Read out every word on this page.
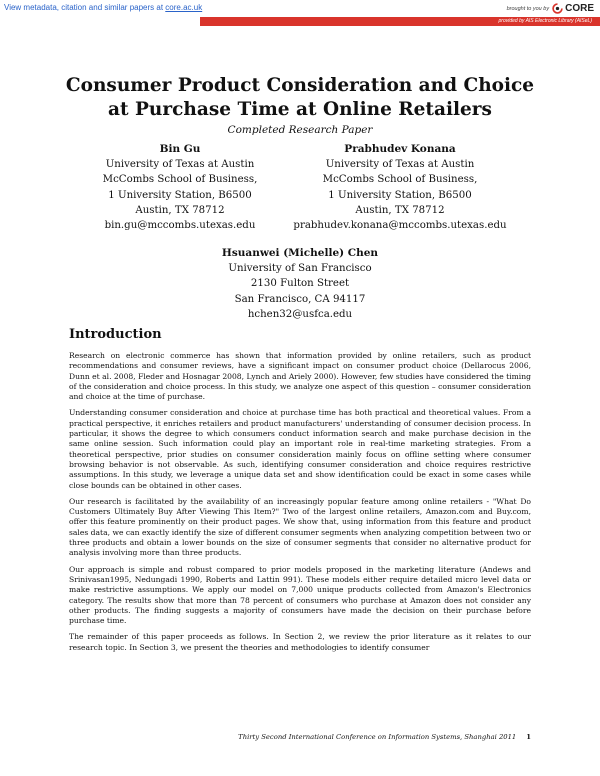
View metadata, citation and similar papers at core.ac.uk	brought to you by CORE
provided by AIS Electronic Library (AISeL)
Consumer Product Consideration and Choice
at Purchase Time at Online Retailers
Completed Research Paper
Bin Gu
University of Texas at Austin
McCombs School of Business,
1 University Station, B6500
Austin, TX 78712
bin.gu@mccombs.utexas.edu
Prabhudev Konana
University of Texas at Austin
McCombs School of Business,
1 University Station, B6500
Austin, TX 78712
prabhudev.konana@mccombs.utexas.edu
Hsuanwei (Michelle) Chen
University of San Francisco
2130 Fulton Street
San Francisco, CA 94117
hchen32@usfca.edu
Introduction

Research on electronic commerce has shown that information provided by online retailers, such as product recommendations and consumer reviews, have a significant impact on consumer product choice (Dellarocus 2006, Dunn et al. 2008, Fleder and Hosnagar 2008, Lynch and Ariely 2000). However, few studies have considered the timing of the consideration and choice process. In this study, we analyze one aspect of this question – consumer consideration and choice at the time of purchase.

Understanding consumer consideration and choice at purchase time has both practical and theoretical values. From a practical perspective, it enriches retailers and product manufacturers' understanding of consumer decision process. In particular, it shows the degree to which consumers conduct information search and make purchase decision in the same online session. Such information could play an important role in real-time marketing strategies. From a theoretical perspective, prior studies on consumer consideration mainly focus on offline setting where consumer browsing behavior is not observable. As such, identifying consumer consideration and choice requires restrictive assumptions. In this study, we leverage a unique data set and show identification could be exact in some cases while close bounds can be obtained in other cases.

Our research is facilitated by the availability of an increasingly popular feature among online retailers - "What Do Customers Ultimately Buy After Viewing This Item?" Two of the largest online retailers, Amazon.com and Buy.com, offer this feature prominently on their product pages. We show that, using information from this feature and product sales data, we can exactly identify the size of different consumer segments when analyzing competition between two or three products and obtain a lower bounds on the size of consumer segments that consider no alternative product for analysis involving more than three products.

Our approach is simple and robust compared to prior models proposed in the marketing literature (Andews and Srinivasan1995, Nedungadi 1990, Roberts and Lattin 991). These models either require detailed micro level data or make restrictive assumptions. We apply our model on 7,000 unique products collected from Amazon's Electronics category. The results show that more than 78 percent of consumers who purchase at Amazon does not consider any other products. The finding suggests a majority of consumers have made the decision on their purchase before purchase time.

The remainder of this paper proceeds as follows. In Section 2, we review the prior literature as it relates to our research topic. In Section 3, we present the theories and methodologies to identify consumer

Thirty Second International Conference on Information Systems, Shanghai 2011 1
